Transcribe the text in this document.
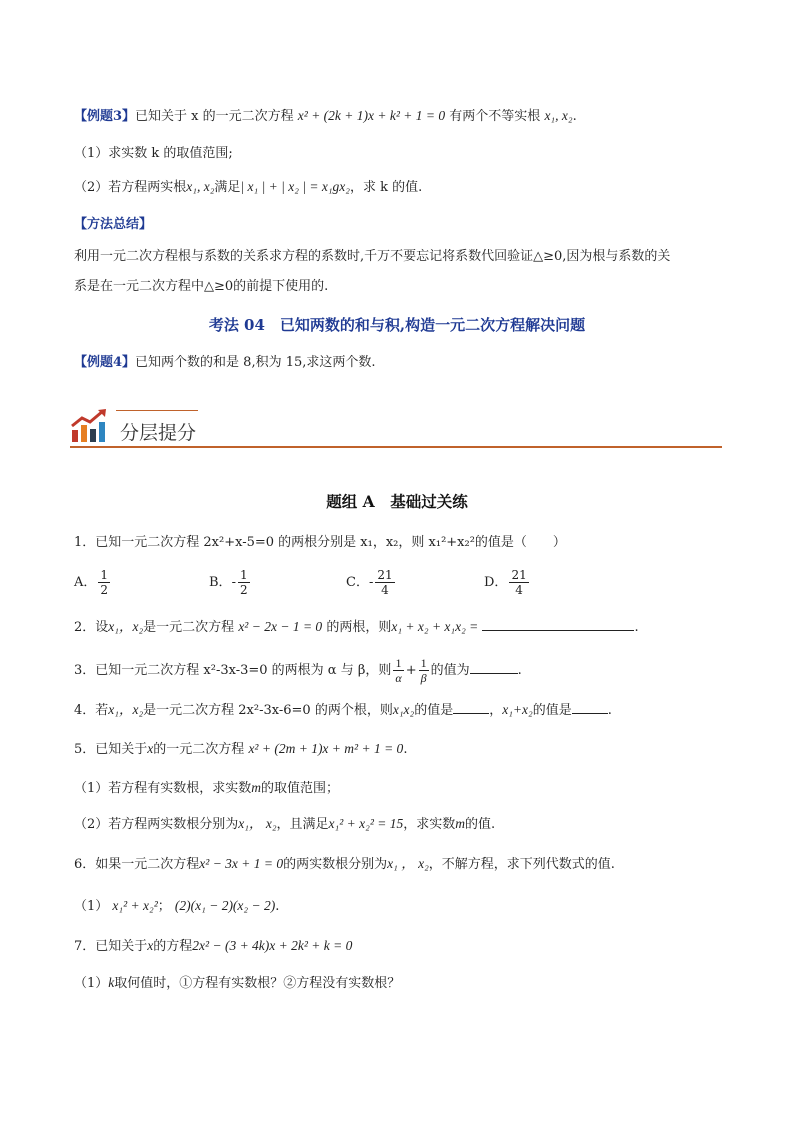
【例题3】已知关于 x 的一元二次方程 x² + (2k + 1)x + k² + 1 = 0 有两个不等实根 x₁, x₂.
（1）求实数 k 的取值范围;
（2）若方程两实根x₁, x₂满足| x₁ | + | x₂ | = x₁gx₂，求 k 的值.
【方法总结】
利用一元二次方程根与系数的关系求方程的系数时,千万不要忘记将系数代回验证△≥0,因为根与系数的关
系是在一元二次方程中△≥0的前提下使用的.
考法 04　已知两数的和与积,构造一元二次方程解决问题
【例题4】已知两个数的和是 8,积为 15,求这两个数.
分层提分
题组 A　基础过关练
1．已知一元二次方程 2x²+x-5=0 的两根分别是 x₁，x₂，则 x₁²+x₂²的值是（　　）
A． $\frac{1}{2}$	B．- $\frac{1}{2}$	C．- $\frac{21}{4}$	D． $\frac{21}{4}$
2．设x₁，x₂是一元二次方程 x² − 2x − 1 = 0 的两根，则x₁ + x₂ + x₁x₂ =	.
3．已知一元二次方程 x²-3x-3=0 的两根为 α 与 β，则 $\frac{1}{\alpha} + \frac{1}{\beta}$ 的值为	.
4．若x₁，x₂是一元二次方程 2x²-3x-6=0 的两个根，则x₁x₂的值是	，x₁+x₂的值是	.
5．已知关于x的一元二次方程 x² + (2m + 1)x + m² + 1 = 0.
（1）若方程有实数根，求实数m的取值范围；
（2）若方程两实数根分别为x₁， x₂，且满足x₁² + x₂² = 15，求实数m的值.
6．如果一元二次方程x² − 3x + 1 = 0的两实数根分别为x₁ ， x₂，不解方程，求下列代数式的值.
（1） x₁² + x₂²； (2)(x₁ − 2)(x₂ − 2).
7．已知关于x的方程2x² − (3 + 4k)x + 2k² + k = 0
（1）k取何值时，①方程有实数根？②方程没有实数根？
